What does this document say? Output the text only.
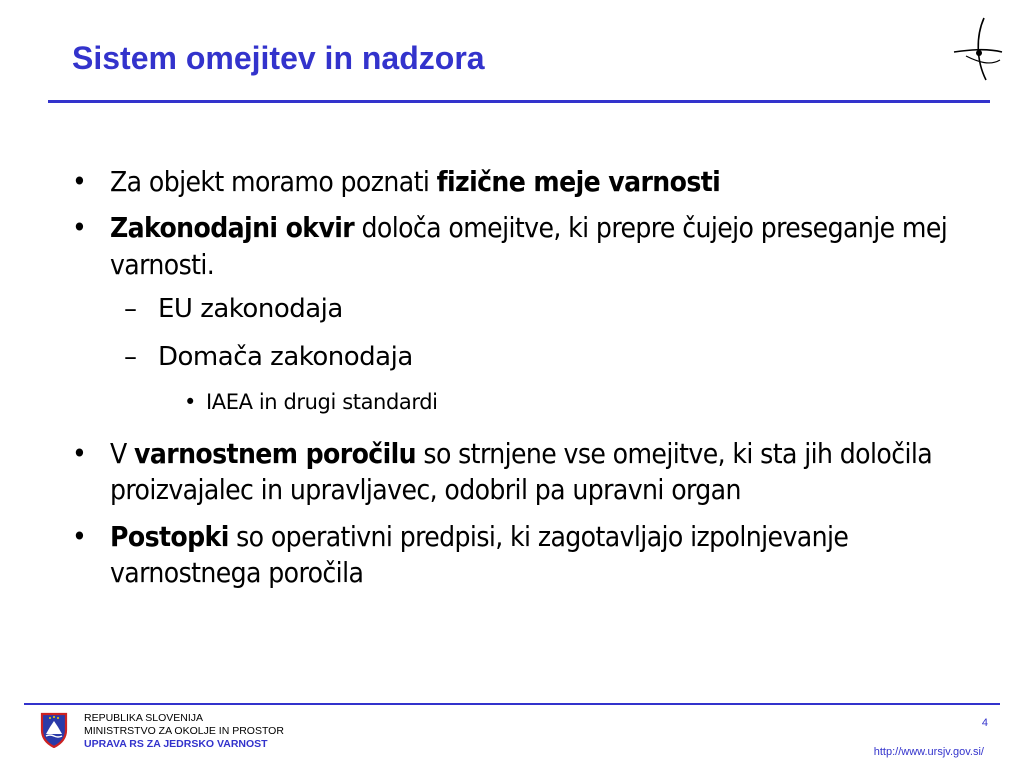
Sistem omejitev in nadzora
• Za objekt moramo poznati fizične meje varnosti
• Zakonodajni okvir določa omejitve, ki prepre čujejo preseganje mej varnosti.
– EU zakonodaja
– Domača zakonodaja
• IAEA in drugi standardi
• V varnostnem poročilu so strnjene vse omejitve, ki sta jih določila proizvajalec in upravljavec, odobril pa upravni organ
• Postopki so operativni predpisi, ki zagotavljajo izpolnjevanje varnostnega poročila
REPUBLIKA SLOVENIJA
MINISTRSTVO ZA OKOLJE IN PROSTOR
UPRAVA RS ZA JEDRSKO VARNOST
4
http://www.ursjv.gov.si/
